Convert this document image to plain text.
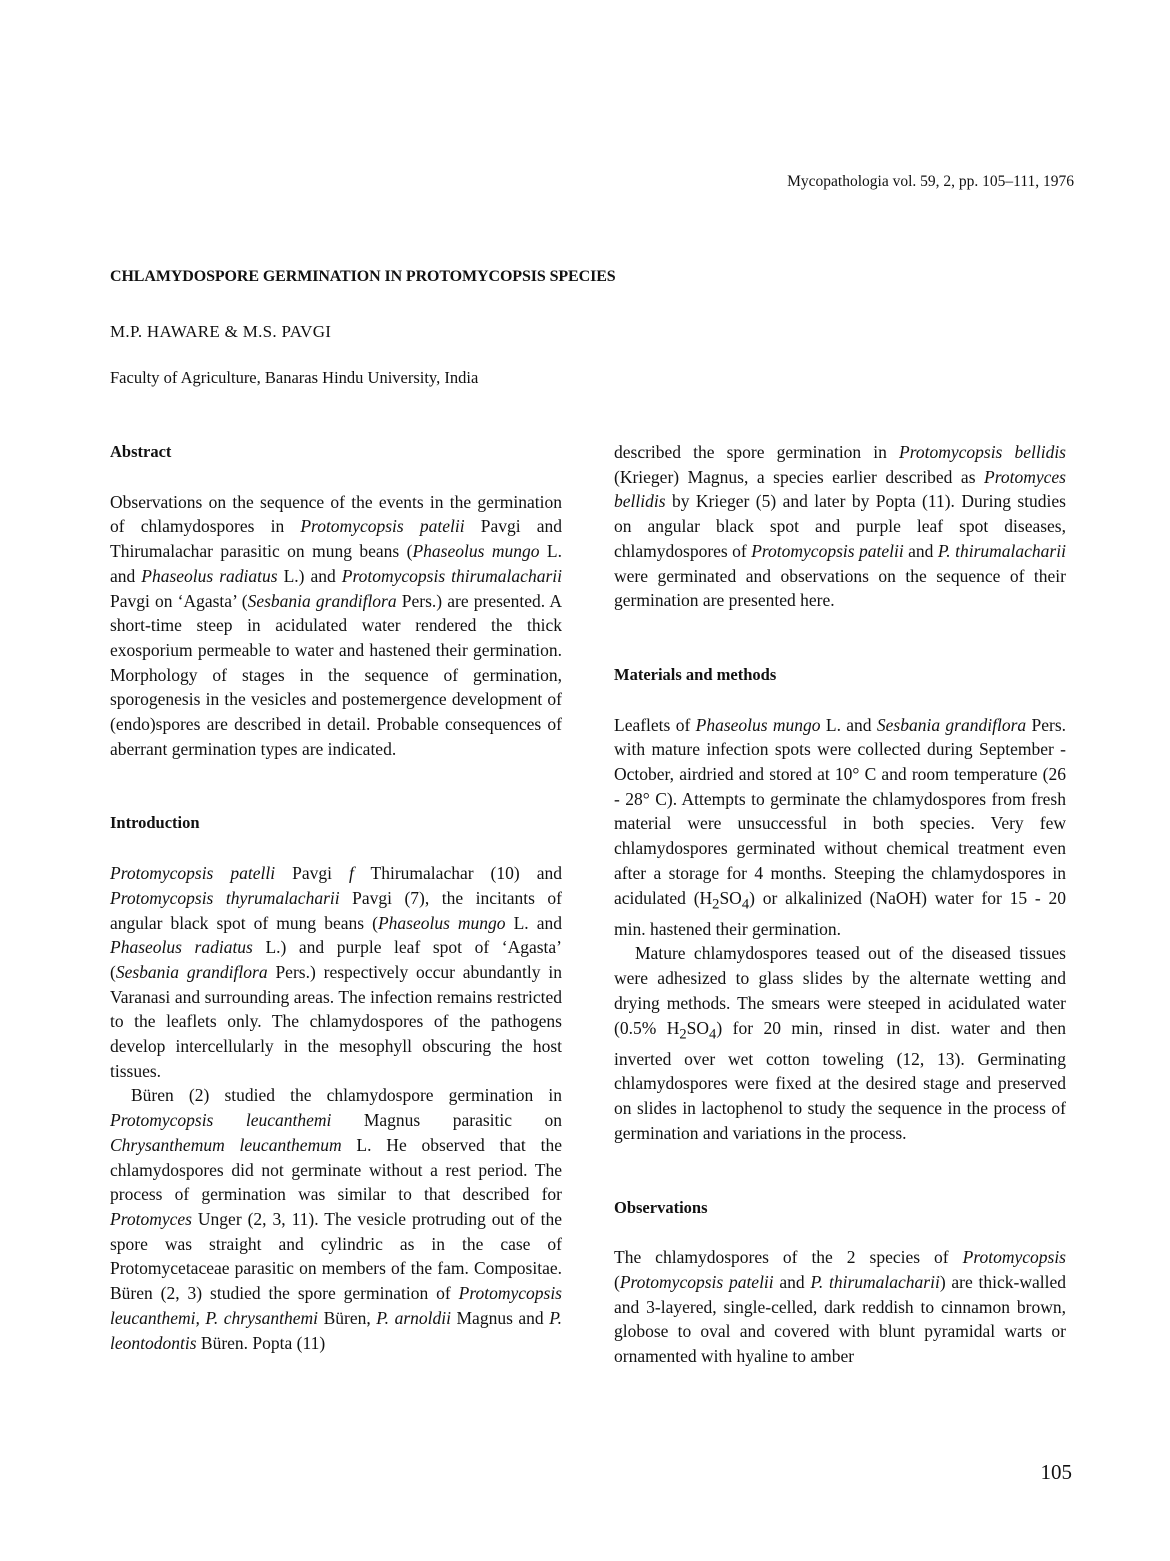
Mycopathologia vol. 59, 2, pp. 105–111, 1976
CHLAMYDOSPORE GERMINATION IN PROTOMYCOPSIS SPECIES
M.P. HAWARE & M.S. PAVGI
Faculty of Agriculture, Banaras Hindu University, India
Abstract

Observations on the sequence of the events in the germination of chlamydospores in Protomycopsis patelii Pavgi and Thirumalachar parasitic on mung beans (Phaseolus mungo L. and Phaseolus radiatus L.) and Protomycopsis thirumalacharii Pavgi on ‘Agasta’ (Sesbania grandiflora Pers.) are presented. A short-time steep in acidulated water rendered the thick exosporium permeable to water and hastened their germination. Morphology of stages in the sequence of germination, sporogenesis in the vesicles and postemergence development of (endo)spores are described in detail. Probable consequences of aberrant germination types are indicated.

Introduction

Protomycopsis patelli Pavgi f Thirumalachar (10) and Protomycopsis thyrumalacharii Pavgi (7), the incitants of angular black spot of mung beans (Phaseolus mungo L. and Phaseolus radiatus L.) and purple leaf spot of ‘Agasta’ (Sesbania grandiflora Pers.) respectively occur abundantly in Varanasi and surrounding areas. The infection remains restricted to the leaflets only. The chlamydospores of the pathogens develop intercellularly in the mesophyll obscuring the host tissues.

Büren (2) studied the chlamydospore germination in Protomycopsis leucanthemi Magnus parasitic on Chrysanthemum leucanthemum L. He observed that the chlamydospores did not germinate without a rest period. The process of germination was similar to that described for Protomyces Unger (2, 3, 11). The vesicle protruding out of the spore was straight and cylindric as in the case of Protomycetaceae parasitic on members of the fam. Compositae. Büren (2, 3) studied the spore germination of Protomycopsis leucanthemi, P. chrysanthemi Büren, P. arnoldii Magnus and P. leontodontis Büren. Popta (11)

described the spore germination in Protomycopsis bellidis (Krieger) Magnus, a species earlier described as Protomyces bellidis by Krieger (5) and later by Popta (11). During studies on angular black spot and purple leaf spot diseases, chlamydospores of Protomycopsis patelii and P. thirumalacharii were germinated and observations on the sequence of their germination are presented here.

Materials and methods

Leaflets of Phaseolus mungo L. and Sesbania grandiflora Pers. with mature infection spots were collected during September - October, airdried and stored at 10° C and room temperature (26 - 28° C). Attempts to germinate the chlamydospores from fresh material were unsuccessful in both species. Very few chlamydospores germinated without chemical treatment even after a storage for 4 months. Steeping the chlamydospores in acidulated $(H_2SO_4)$ or alkalinized (NaOH) water for 15 - 20 min. hastened their germination.

Mature chlamydospores teased out of the diseased tissues were adhesized to glass slides by the alternate wetting and drying methods. The smears were steeped in acidulated water (0.5% $H_2SO_4$) for 20 min, rinsed in dist. water and then inverted over wet cotton toweling (12, 13). Germinating chlamydospores were fixed at the desired stage and preserved on slides in lactophenol to study the sequence in the process of germination and variations in the process.

Observations

The chlamydospores of the 2 species of Protomycopsis (Protomycopsis patelii and P. thirumalacharii) are thick-walled and 3-layered, single-celled, dark reddish to cinnamon brown, globose to oval and covered with blunt pyramidal warts or ornamented with hyaline to amber

105
